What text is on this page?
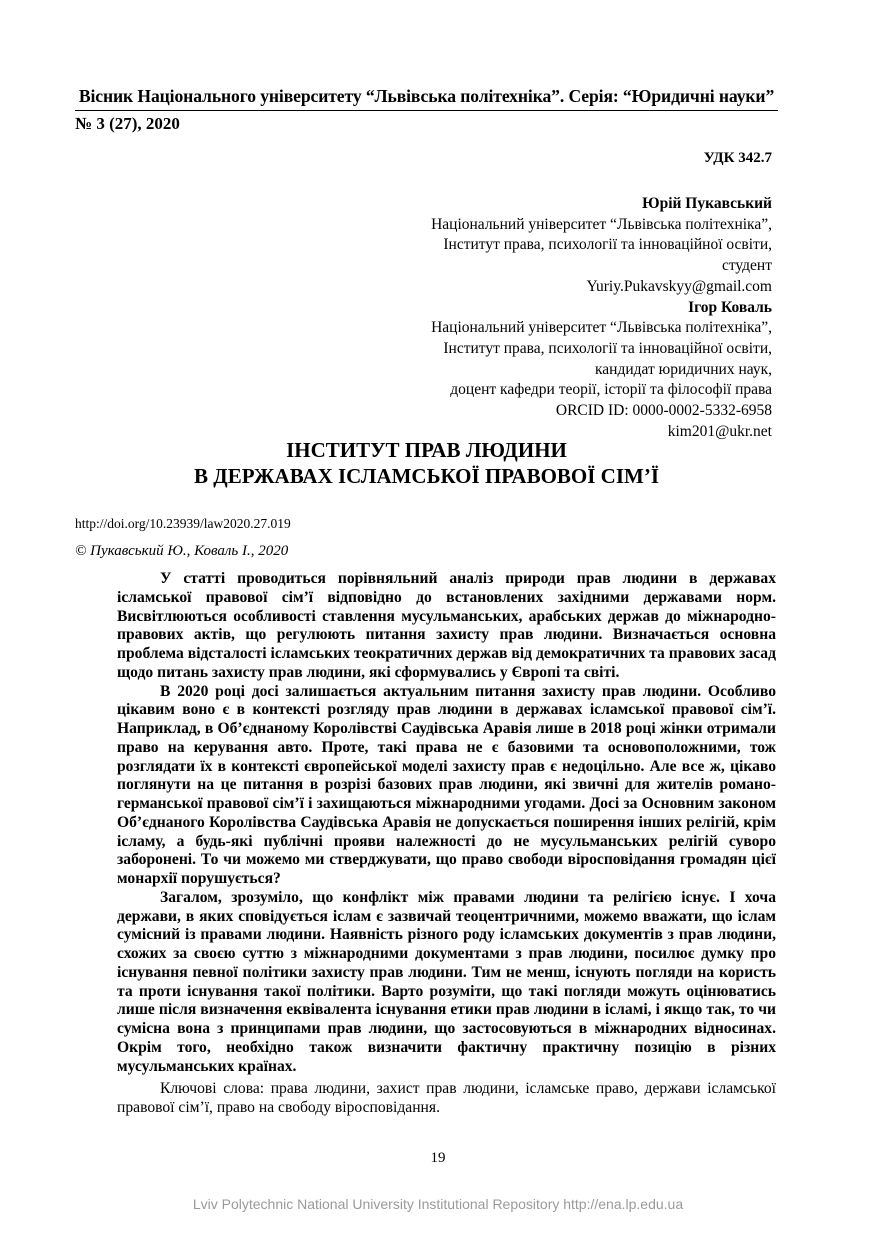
Вісник Національного університету “Львівська політехніка”. Серія: “Юридичні науки”
№ 3 (27), 2020
УДК 342.7
Юрій Пукавський
Національний університет “Львівська політехніка”,
Інститут права, психології та інноваційної освіти,
студент
Yuriy.Pukavskyy@gmail.com
Ігор Коваль
Національний університет “Львівська політехніка”,
Інститут права, психології та інноваційної освіти,
кандидат юридичних наук,
доцент кафедри теорії, історії та філософії права
ORCID ID: 0000-0002-5332-6958
kim201@ukr.net
ІНСТИТУТ ПРАВ ЛЮДИНИ
В ДЕРЖАВАХ ІСЛАМСЬКОЇ ПРАВОВОЇ СІМ’Ї
http://doi.org/10.23939/law2020.27.019
© Пукавський Ю., Коваль І., 2020

У статті проводиться порівняльний аналіз природи прав людини в державах ісламської правової сім’ї відповідно до встановлених західними державами норм. Висвітлюються особливості ставлення мусульманських, арабських держав до міжнародно-правових актів, що регулюють питання захисту прав людини. Визначається основна проблема відсталості ісламських теократичних держав від демократичних та правових засад щодо питань захисту прав людини, які сформувались у Європі та світі.

В 2020 році досі залишається актуальним питання захисту прав людини. Особливо цікавим воно є в контексті розгляду прав людини в державах ісламської правової сім’ї. Наприклад, в Об’єднаному Королівстві Саудівська Аравія лише в 2018 році жінки отримали право на керування авто. Проте, такі права не є базовими та основоположними, тож розглядати їх в контексті європейської моделі захисту прав є недоцільно. Але все ж, цікаво поглянути на це питання в розрізі базових прав людини, які звичні для жителів романо-германської правової сім’ї і захищаються міжнародними угодами. Досі за Основним законом Об’єднаного Королівства Саудівська Аравія не допускається поширення інших релігій, крім ісламу, а будь-які публічні прояви належності до не мусульманських релігій суворо заборонені. То чи можемо ми стверджувати, що право свободи віросповідання громадян цієї монархії порушується?

Загалом, зрозуміло, що конфлікт між правами людини та релігією існує. І хоча держави, в яких сповідується іслам є зазвичай теоцентричними, можемо вважати, що іслам сумісний із правами людини. Наявність різного роду ісламських документів з прав людини, схожих за своєю суттю з міжнародними документами з прав людини, посилює думку про існування певної політики захисту прав людини. Тим не менш, існують погляди на користь та проти існування такої політики. Варто розуміти, що такі погляди можуть оцінюватись лише після визначення еквівалента існування етики прав людини в ісламі, і якщо так, то чи сумісна вона з принципами прав людини, що застосовуються в міжнародних відносинах. Окрім того, необхідно також визначити фактичну практичну позицію в різних мусульманських країнах.

Ключові слова: права людини, захист прав людини, ісламське право, держави ісламської правової сім’ї, право на свободу віросповідання.
19
Lviv Polytechnic National University Institutional Repository http://ena.lp.edu.ua
